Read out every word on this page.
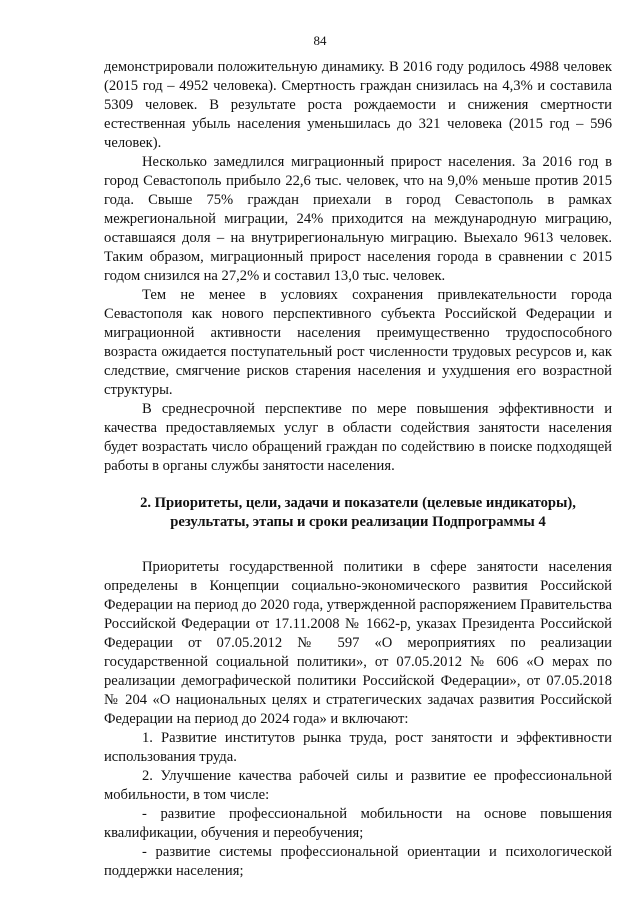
84

демонстрировали положительную динамику. В 2016 году родилось 4988 человек (2015 год – 4952 человека). Смертность граждан снизилась на 4,3% и составила 5309 человек. В результате роста рождаемости и снижения смертности естественная убыль населения уменьшилась до 321 человека (2015 год – 596 человек).

Несколько замедлился миграционный прирост населения. За 2016 год в город Севастополь прибыло 22,6 тыс. человек, что на 9,0% меньше против 2015 года. Свыше 75% граждан приехали в город Севастополь в рамках межрегиональной миграции, 24% приходится на международную миграцию, оставшаяся доля – на внутрирегиональную миграцию. Выехало 9613 человек. Таким образом, миграционный прирост населения города в сравнении с 2015 годом снизился на 27,2% и составил 13,0 тыс. человек.

Тем не менее в условиях сохранения привлекательности города Севастополя как нового перспективного субъекта Российской Федерации и миграционной активности населения преимущественно трудоспособного возраста ожидается поступательный рост численности трудовых ресурсов и, как следствие, смягчение рисков старения населения и ухудшения его возрастной структуры.

В среднесрочной перспективе по мере повышения эффективности и качества предоставляемых услуг в области содействия занятости населения будет возрастать число обращений граждан по содействию в поиске подходящей работы в органы службы занятости населения.

2. Приоритеты, цели, задачи и показатели (целевые индикаторы), результаты, этапы и сроки реализации Подпрограммы 4

Приоритеты государственной политики в сфере занятости населения определены в Концепции социально-экономического развития Российской Федерации на период до 2020 года, утвержденной распоряжением Правительства Российской Федерации от 17.11.2008 № 1662-р, указах Президента Российской Федерации от 07.05.2012 № 597 «О мероприятиях по реализации государственной социальной политики», от 07.05.2012 № 606 «О мерах по реализации демографической политики Российской Федерации», от 07.05.2018 № 204 «О национальных целях и стратегических задачах развития Российской Федерации на период до 2024 года» и включают:

1. Развитие институтов рынка труда, рост занятости и эффективности использования труда.

2. Улучшение качества рабочей силы и развитие ее профессиональной мобильности, в том числе:

- развитие профессиональной мобильности на основе повышения квалификации, обучения и переобучения;

- развитие системы профессиональной ориентации и психологической поддержки населения;
